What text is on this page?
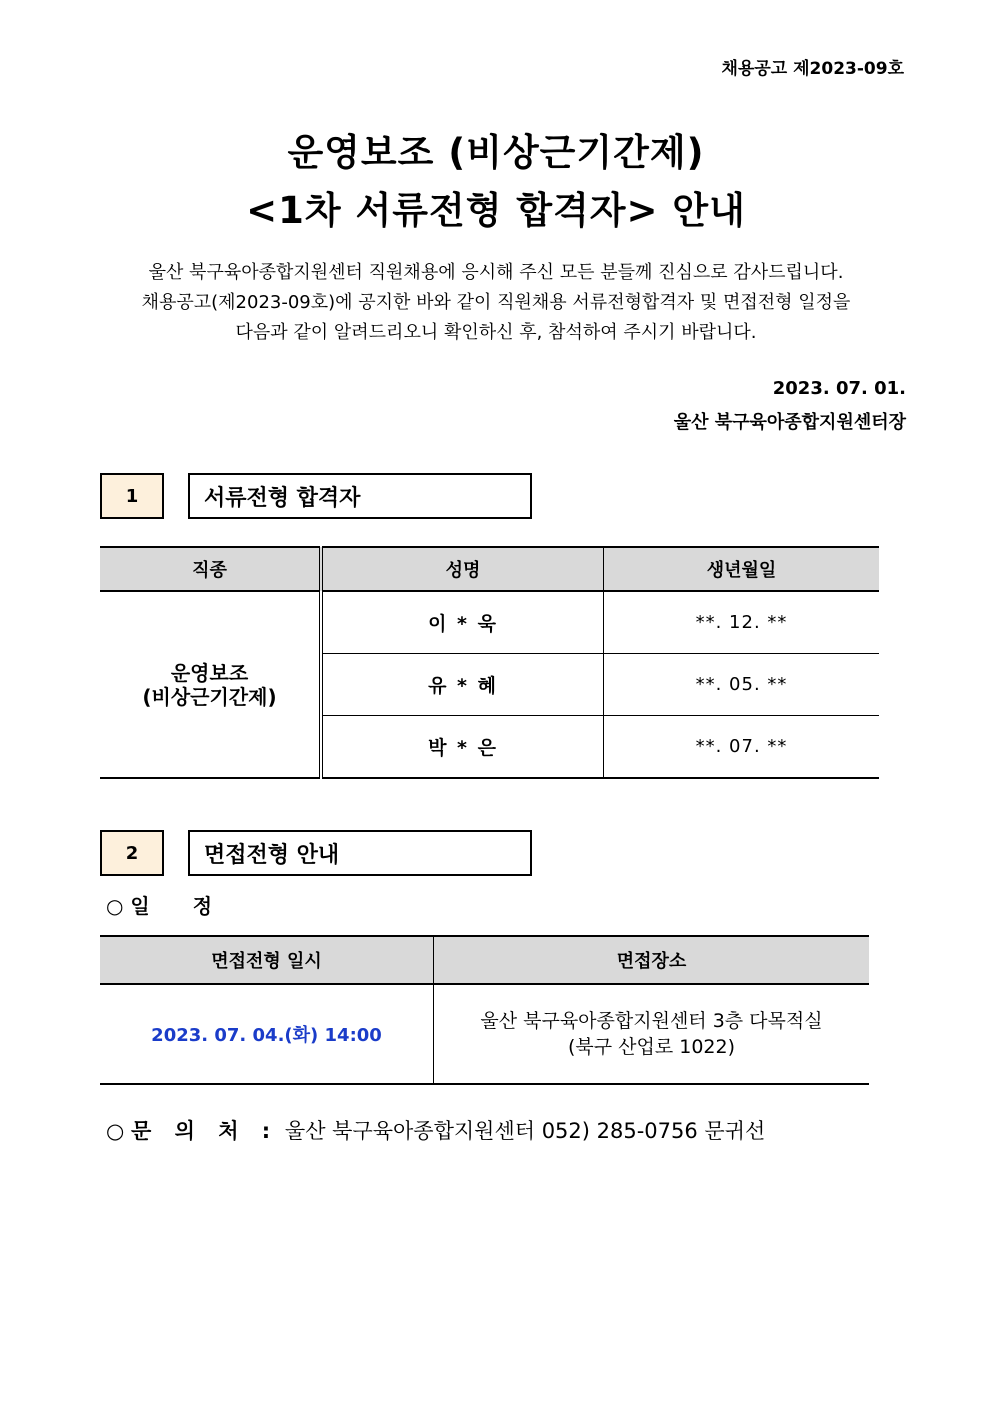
채용공고 제2023-09호
운영보조 (비상근기간제)
<1차 서류전형 합격자> 안내
울산 북구육아종합지원센터 직원채용에 응시해 주신 모든 분들께 진심으로 감사드립니다.
채용공고(제2023-09호)에 공지한 바와 같이 직원채용 서류전형합격자 및 면접전형 일정을
다음과 같이 알려드리오니 확인하신 후, 참석하여 주시기 바랍니다.
2023. 07. 01.
울산 북구육아종합지원센터장
1	서류전형 합격자
직종	성명	생년월일

운영보조
(비상근기간제)	이 * 욱	**. 12. **
	유 * 혜	**. 05. **
	박 * 은	**. 07. **
2	면접전형 안내
○ 일 정
면접전형 일시	면접장소
2023. 07. 04.(화) 14:00	울산 북구육아종합지원센터 3층 다목적실
(북구 산업로 1022)
○ 문 의 처 : 울산 북구육아종합지원센터 052) 285-0756 문귀선
